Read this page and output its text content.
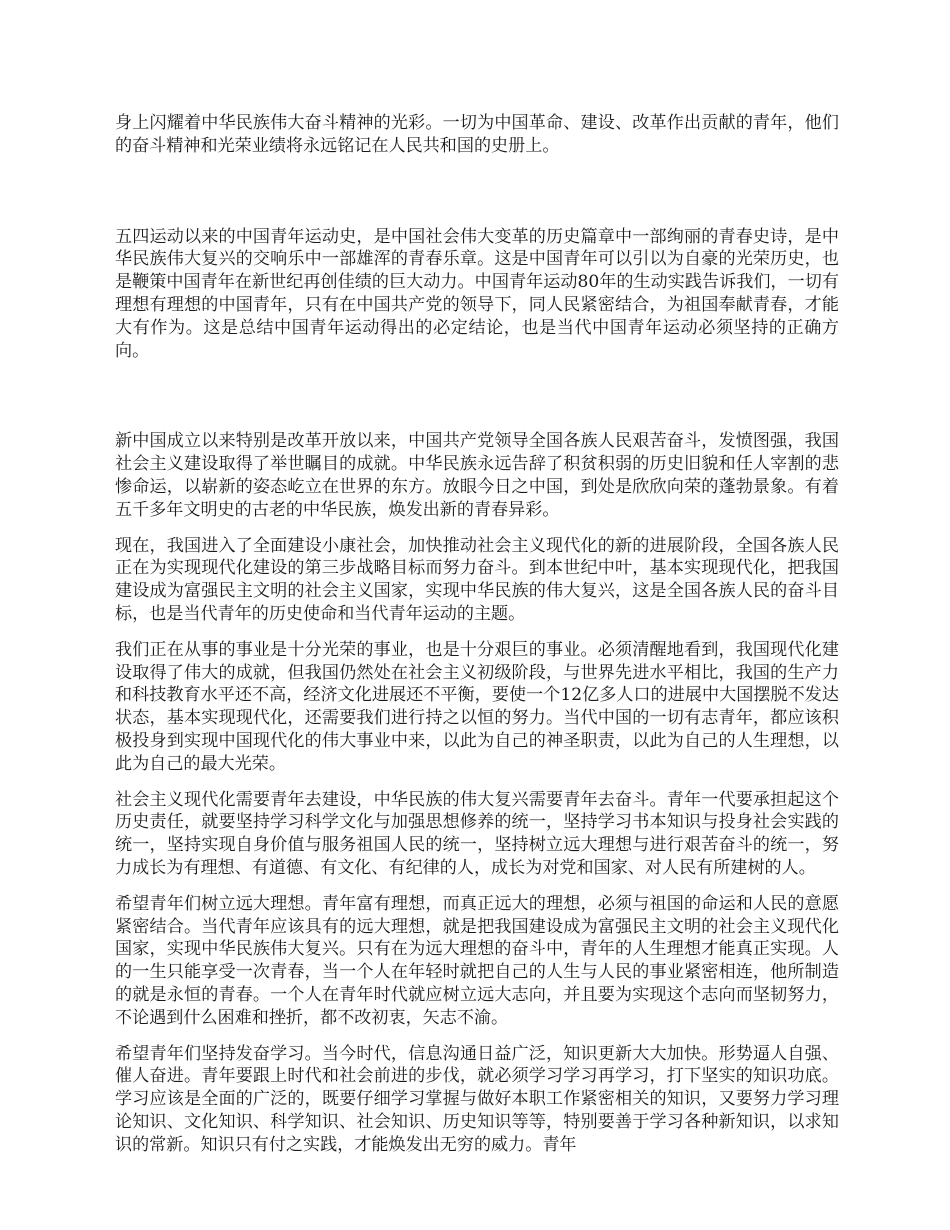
身上闪耀着中华民族伟大奋斗精神的光彩。一切为中国革命、建设、改革作出贡献的青年，他们的奋斗精神和光荣业绩将永远铭记在人民共和国的史册上。

五四运动以来的中国青年运动史，是中国社会伟大变革的历史篇章中一部绚丽的青春史诗，是中华民族伟大复兴的交响乐中一部雄浑的青春乐章。这是中国青年可以引以为自豪的光荣历史，也是鞭策中国青年在新世纪再创佳绩的巨大动力。中国青年运动80年的生动实践告诉我们，一切有理想有理想的中国青年，只有在中国共产党的领导下，同人民紧密结合，为祖国奉献青春，才能大有作为。这是总结中国青年运动得出的必定结论，也是当代中国青年运动必须坚持的正确方向。

新中国成立以来特别是改革开放以来，中国共产党领导全国各族人民艰苦奋斗，发愤图强，我国社会主义建设取得了举世瞩目的成就。中华民族永远告辞了积贫积弱的历史旧貌和任人宰割的悲惨命运，以崭新的姿态屹立在世界的东方。放眼今日之中国，到处是欣欣向荣的蓬勃景象。有着五千多年文明史的古老的中华民族，焕发出新的青春异彩。

现在，我国进入了全面建设小康社会，加快推动社会主义现代化的新的进展阶段，全国各族人民正在为实现现代化建设的第三步战略目标而努力奋斗。到本世纪中叶，基本实现现代化，把我国建设成为富强民主文明的社会主义国家，实现中华民族的伟大复兴，这是全国各族人民的奋斗目标，也是当代青年的历史使命和当代青年运动的主题。

我们正在从事的事业是十分光荣的事业，也是十分艰巨的事业。必须清醒地看到，我国现代化建设取得了伟大的成就，但我国仍然处在社会主义初级阶段，与世界先进水平相比，我国的生产力和科技教育水平还不高，经济文化进展还不平衡，要使一个12亿多人口的进展中大国摆脱不发达状态，基本实现现代化，还需要我们进行持之以恒的努力。当代中国的一切有志青年，都应该积极投身到实现中国现代化的伟大事业中来，以此为自己的神圣职责，以此为自己的人生理想，以此为自己的最大光荣。

社会主义现代化需要青年去建设，中华民族的伟大复兴需要青年去奋斗。青年一代要承担起这个历史责任，就要坚持学习科学文化与加强思想修养的统一，坚持学习书本知识与投身社会实践的统一，坚持实现自身价值与服务祖国人民的统一，坚持树立远大理想与进行艰苦奋斗的统一，努力成长为有理想、有道德、有文化、有纪律的人，成长为对党和国家、对人民有所建树的人。

希望青年们树立远大理想。青年富有理想，而真正远大的理想，必须与祖国的命运和人民的意愿紧密结合。当代青年应该具有的远大理想，就是把我国建设成为富强民主文明的社会主义现代化国家，实现中华民族伟大复兴。只有在为远大理想的奋斗中，青年的人生理想才能真正实现。人的一生只能享受一次青春，当一个人在年轻时就把自己的人生与人民的事业紧密相连，他所制造的就是永恒的青春。一个人在青年时代就应树立远大志向，并且要为实现这个志向而坚韧努力，不论遇到什么困难和挫折，都不改初衷，矢志不渝。

希望青年们坚持发奋学习。当今时代，信息沟通日益广泛，知识更新大大加快。形势逼人自强、催人奋进。青年要跟上时代和社会前进的步伐，就必须学习学习再学习，打下坚实的知识功底。学习应该是全面的广泛的，既要仔细学习掌握与做好本职工作紧密相关的知识，又要努力学习理论知识、文化知识、科学知识、社会知识、历史知识等等，特别要善于学习各种新知识，以求知识的常新。知识只有付之实践，才能焕发出无穷的威力。青年
